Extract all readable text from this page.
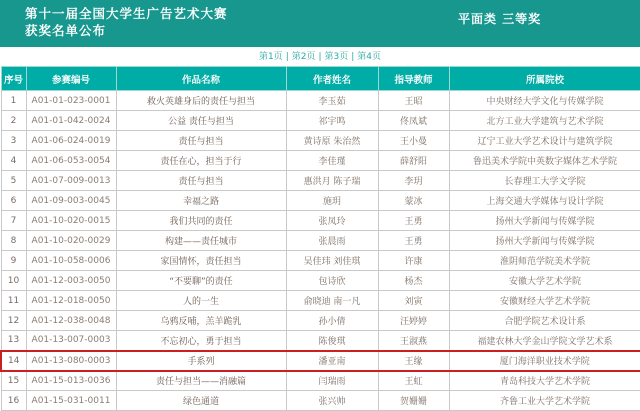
第十一届全国大学生广告艺术大赛
获奖名单公布
平面类 三等奖
第1页 | 第2页 | 第3页 | 第4页
序号	参赛编号	作品名称	作者姓名	指导教师	所属院校
1	A01-01-023-0001	救火英雄身后的责任与担当	李玉茹	王昭	中央财经大学文化与传媒学院
2	A01-01-042-0024	公益 责任与担当	祁宇鸣	佟凤斌	北方工业大学建筑与艺术学院
3	A01-06-024-0019	责任与担当	黄诗原 朱治然	王小曼	辽宁工业大学艺术设计与建筑学院
4	A01-06-053-0054	责任在心，担当于行	李佳瑾	薛舒阳	鲁迅美术学院中英数字媒体艺术学院
5	A01-07-009-0013	责任与担当	惠洪月 陈子瑞	李玥	长春理工大学文学院
6	A01-09-003-0045	幸福之路	施玥	蒙冰	上海交通大学媒体与设计学院
7	A01-10-020-0015	我们共同的责任	张凤玲	王勇	扬州大学新闻与传媒学院
8	A01-10-020-0029	构建——责任城市	张晨雨	王勇	扬州大学新闻与传媒学院
9	A01-10-058-0006	家国情怀，责任担当	吴佳玮 刘佳琪	许康	淮阴师范学院美术学院
10	A01-12-003-0050	“不要聊”的责任	包诗欣	杨杰	安徽大学艺术学院
11	A01-12-018-0050	人的一生	俞晓迪 南一凡	刘寅	安徽财经大学艺术学院
12	A01-12-038-0048	乌鸦反哺，羔羊跪乳	孙小倩	汪婷婷	合肥学院艺术设计系
13	A01-13-007-0003	不忘初心，勇于担当	陈俊琪	王淑燕	福建农林大学金山学院文学艺术系
14	A01-13-080-0003	手系列	潘亚南	王缘	厦门海洋职业技术学院
15	A01-15-013-0036	责任与担当——消融篇	闫瑞雨	王虹	青岛科技大学艺术学院
16	A01-15-031-0011	绿色通道	张兴帅	贺姗姗	齐鲁工业大学艺术学院
